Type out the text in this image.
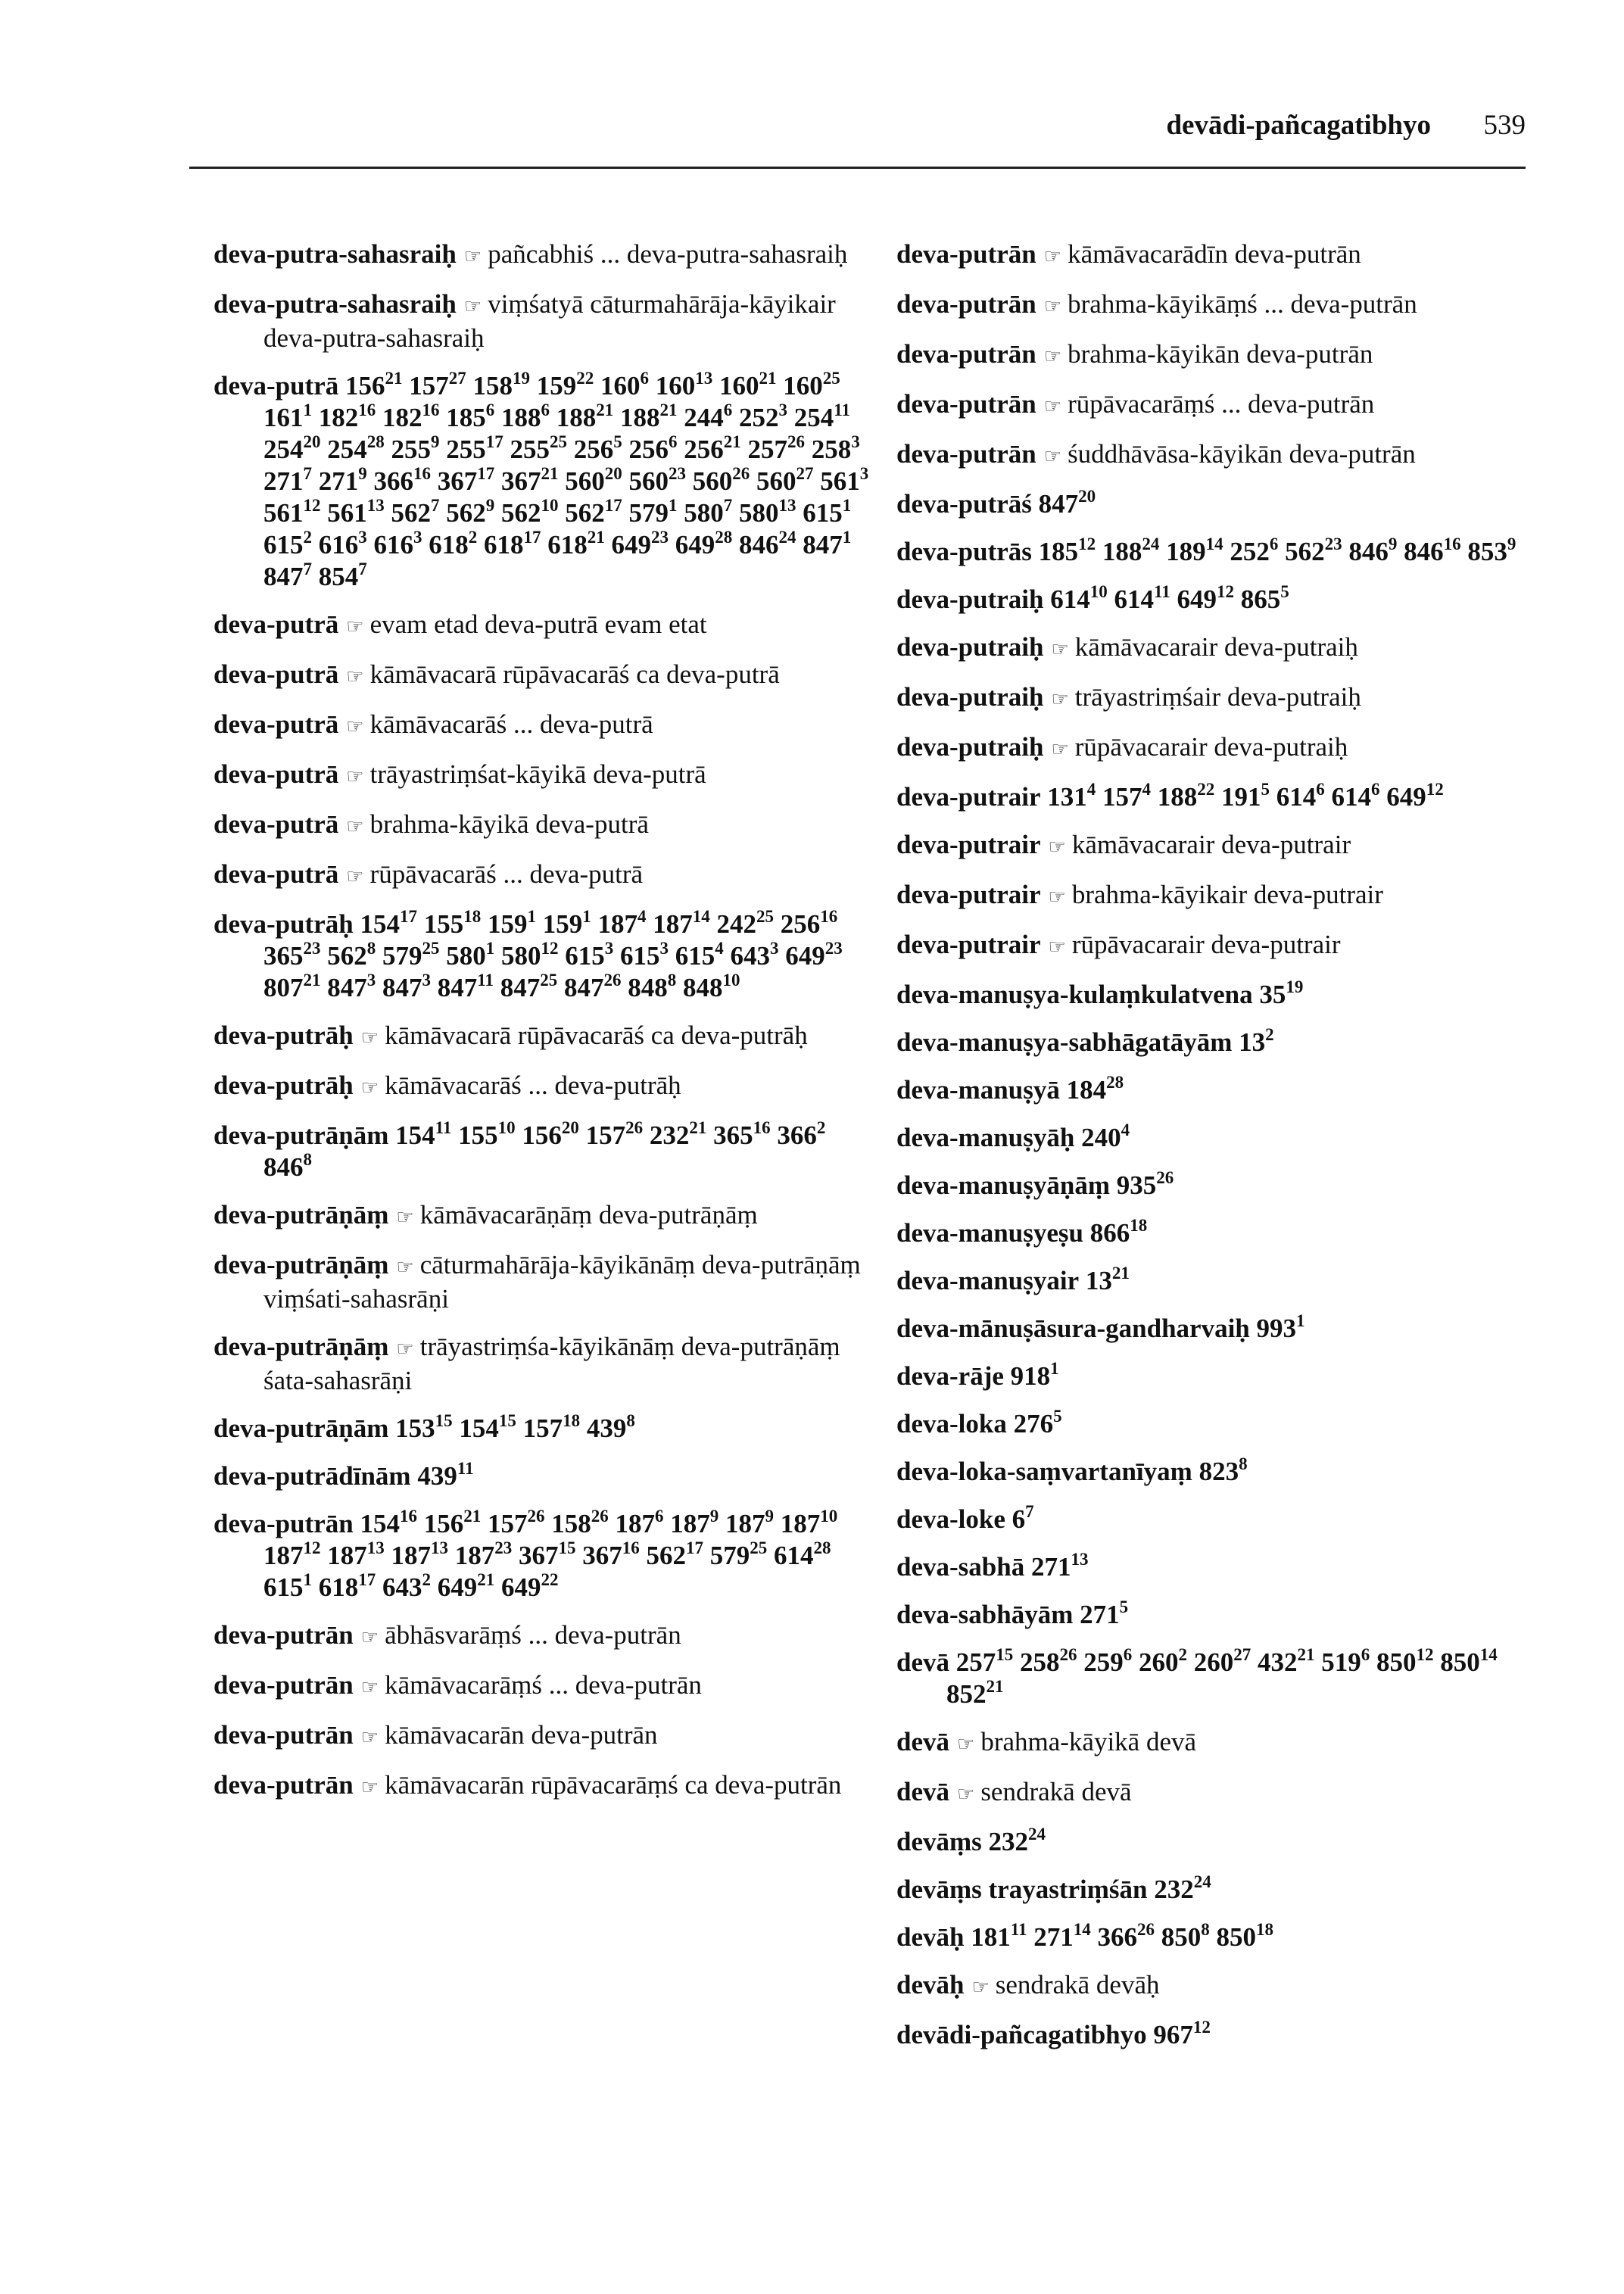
devādi-pañcagatibhyo 539
deva-putra-sahasraiḥ ☞ pañcabhiś ... deva-putra-sahasraiḥ
deva-putra-sahasraiḥ ☞ viṃśatyā cāturmahārāja-kāyikair deva-putra-sahasraiḥ
deva-putrā $156^{21}$ $157^{27}$ $158^{19}$ $159^{22}$ $160^6$ $160^{13}$ $160^{21}$ $160^{25}$ $161^1$ $182^{16}$ $182^{16}$ $185^6$ $188^6$ $188^{21}$ $188^{21}$ $244^6$ $252^3$ $254^{11}$ $254^{20}$ $254^{28}$ $255^9$ $255^{17}$ $255^{25}$ $256^5$ $256^6$ $256^{21}$ $257^{26}$ $258^3$ $271^7$ $271^9$ $366^{16}$ $367^{17}$ $367^{21}$ $560^{20}$ $560^{23}$ $560^{26}$ $560^{27}$ $561^3$ $561^{12}$ $561^{13}$ $562^7$ $562^9$ $562^{10}$ $562^{17}$ $579^1$ $580^7$ $580^{13}$ $615^1$ $615^2$ $616^3$ $616^3$ $618^2$ $618^{17}$ $618^{21}$ $649^{23}$ $649^{28}$ $846^{24}$ $847^1$ $847^7$ $854^7$
deva-putrā ☞ evam etad deva-putrā evam etat
deva-putrā ☞ kāmāvacarā rūpāvacarāś ca deva-putrā
deva-putrā ☞ kāmāvacarāś ... deva-putrā
deva-putrā ☞ trāyastriṃśat-kāyikā deva-putrā
deva-putrā ☞ brahma-kāyikā deva-putrā
deva-putrā ☞ rūpāvacarāś ... deva-putrā
deva-putrāḥ $154^{17}$ $155^{18}$ $159^1$ $159^1$ $187^4$ $187^{14}$ $242^{25}$ $256^{16}$ $365^{23}$ $562^8$ $579^{25}$ $580^1$ $580^{12}$ $615^3$ $615^3$ $615^4$ $643^3$ $649^{23}$ $807^{21}$ $847^3$ $847^3$ $847^{11}$ $847^{25}$ $847^{26}$ $848^8$ $848^{10}$
deva-putrāḥ ☞ kāmāvacarā rūpāvacarāś ca deva-putrāḥ
deva-putrāḥ ☞ kāmāvacarāś ... deva-putrāḥ
deva-putrāṇām $154^{11}$ $155^{10}$ $156^{20}$ $157^{26}$ $232^{21}$ $365^{16}$ $366^2$ $846^8$
deva-putrāṇāṃ ☞ kāmāvacarāṇāṃ deva-putrāṇāṃ
deva-putrāṇāṃ ☞ cāturmahārāja-kāyikānāṃ deva-putrāṇāṃ viṃśati-sahasrāṇi
deva-putrāṇāṃ ☞ trāyastriṃśa-kāyikānāṃ deva-putrāṇāṃ śata-sahasrāṇi
deva-putrāṇām $153^{15}$ $154^{15}$ $157^{18}$ $439^8$
deva-putrādīnām $439^{11}$
deva-putrān $154^{16}$ $156^{21}$ $157^{26}$ $158^{26}$ $187^6$ $187^9$ $187^9$ $187^{10}$ $187^{12}$ $187^{13}$ $187^{13}$ $187^{23}$ $367^{15}$ $367^{16}$ $562^{17}$ $579^{25}$ $614^{28}$ $615^1$ $618^{17}$ $643^2$ $649^{21}$ $649^{22}$
deva-putrān ☞ ābhāsvarāṃś ... deva-putrān
deva-putrān ☞ kāmāvacarāṃś ... deva-putrān
deva-putrān ☞ kāmāvacarān deva-putrān
deva-putrān ☞ kāmāvacarān rūpāvacarāṃś ca deva-putrān
deva-putrān ☞ kāmāvacarādīn deva-putrān
deva-putrān ☞ brahma-kāyikāṃś ... deva-putrān
deva-putrān ☞ brahma-kāyikān deva-putrān
deva-putrān ☞ rūpāvacarāṃś ... deva-putrān
deva-putrān ☞ śuddhāvāsa-kāyikān deva-putrān
deva-putrāś $847^{20}$
deva-putrās $185^{12}$ $188^{24}$ $189^{14}$ $252^6$ $562^{23}$ $846^9$ $846^{16}$ $853^9$
deva-putraiḥ $614^{10}$ $614^{11}$ $649^{12}$ $865^5$
deva-putraiḥ ☞ kāmāvacarair deva-putraiḥ
deva-putraiḥ ☞ trāyastriṃśair deva-putraiḥ
deva-putraiḥ ☞ rūpāvacarair deva-putraiḥ
deva-putrair $131^4$ $157^4$ $188^{22}$ $191^5$ $614^6$ $614^6$ $649^{12}$
deva-putrair ☞ kāmāvacarair deva-putrair
deva-putrair ☞ brahma-kāyikair deva-putrair
deva-putrair ☞ rūpāvacarair deva-putrair
deva-manuṣya-kulaṃkulatvena $35^{19}$
deva-manuṣya-sabhāgatāyām $13^2$
deva-manuṣyā $184^{28}$
deva-manuṣyāḥ $240^4$
deva-manuṣyāṇāṃ $935^{26}$
deva-manuṣyeṣu $866^{18}$
deva-manuṣyair $13^{21}$
deva-mānuṣāsura-gandharvaiḥ $993^1$
deva-rāje $918^1$
deva-loka $276^5$
deva-loka-saṃvartanīyaṃ $823^8$
deva-loke $6^7$
deva-sabhā $271^{13}$
deva-sabhāyām $271^5$
devā $257^{15}$ $258^{26}$ $259^6$ $260^2$ $260^{27}$ $432^{21}$ $519^6$ $850^{12}$ $850^{14}$ $852^{21}$
devā ☞ brahma-kāyikā devā
devā ☞ sendrakā devā
devāṃs $232^{24}$
devāṃs trayastriṃśān $232^{24}$
devāḥ $181^{11}$ $271^{14}$ $366^{26}$ $850^8$ $850^{18}$
devāḥ ☞ sendrakā devāḥ
devādi-pañcagatibhyo $967^{12}$
